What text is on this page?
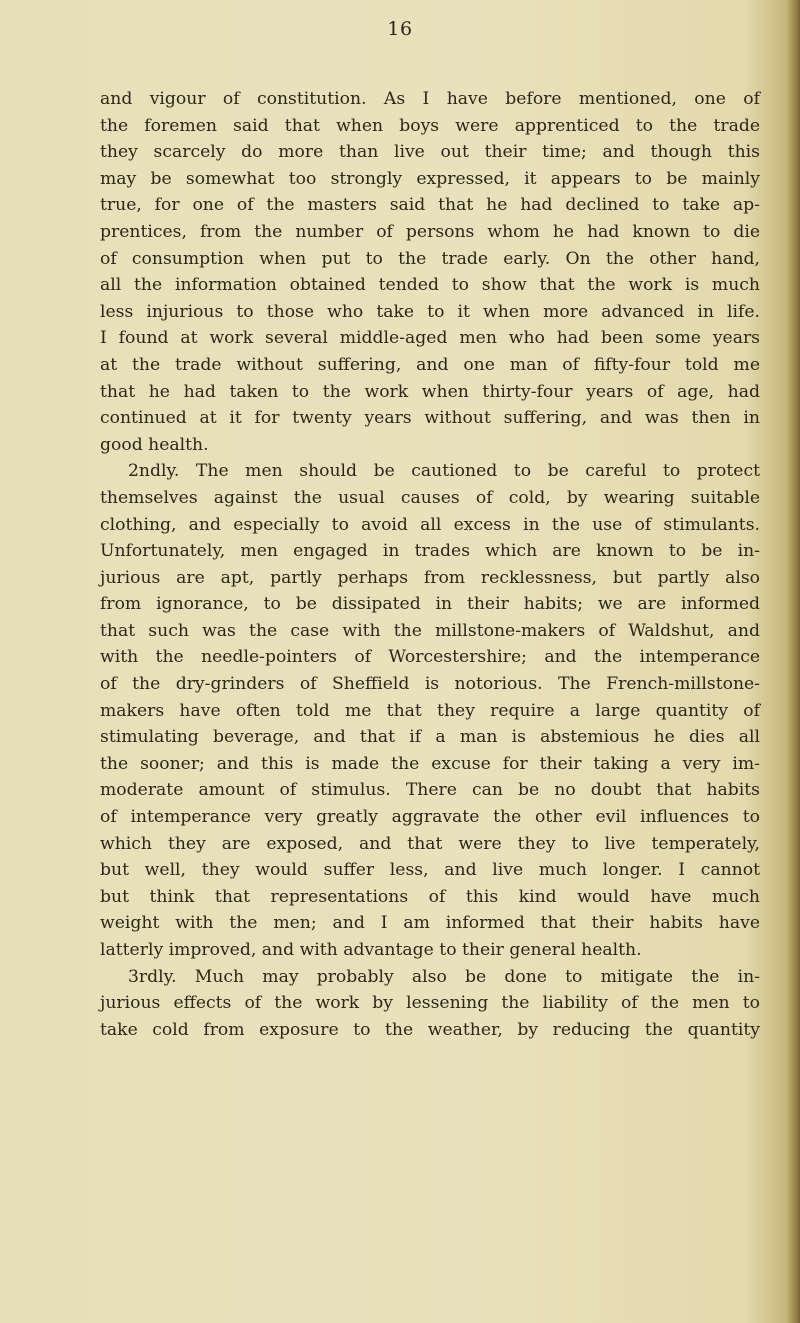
16
and vigour of constitution. As I have before mentioned, one of
the foremen said that when boys were apprenticed to the trade
they scarcely do more than live out their time; and though this
may be somewhat too strongly expressed, it appears to be mainly
true, for one of the masters said that he had declined to take ap-
prentices, from the number of persons whom he had known to die
of consumption when put to the trade early. On the other hand,
all the information obtained tended to show that the work is much
less injurious to those who take to it when more advanced in life.
I found at work several middle-aged men who had been some years
at the trade without suffering, and one man of fifty-four told me
that he had taken to the work when thirty-four years of age, had
continued at it for twenty years without suffering, and was then in
good health.
2ndly. The men should be cautioned to be careful to protect
themselves against the usual causes of cold, by wearing suitable
clothing, and especially to avoid all excess in the use of stimulants.
Unfortunately, men engaged in trades which are known to be in-
jurious are apt, partly perhaps from recklessness, but partly also
from ignorance, to be dissipated in their habits; we are informed
that such was the case with the millstone-makers of Waldshut, and
with the needle-pointers of Worcestershire; and the intemperance
of the dry-grinders of Sheffield is notorious. The French-millstone-
makers have often told me that they require a large quantity of
stimulating beverage, and that if a man is abstemious he dies all
the sooner; and this is made the excuse for their taking a very im-
moderate amount of stimulus. There can be no doubt that habits
of intemperance very greatly aggravate the other evil influences to
which they are exposed, and that were they to live temperately,
but well, they would suffer less, and live much longer. I cannot
but think that representations of this kind would have much
weight with the men; and I am informed that their habits have
latterly improved, and with advantage to their general health.
3rdly. Much may probably also be done to mitigate the in-
jurious effects of the work by lessening the liability of the men to
take cold from exposure to the weather, by reducing the quantity
